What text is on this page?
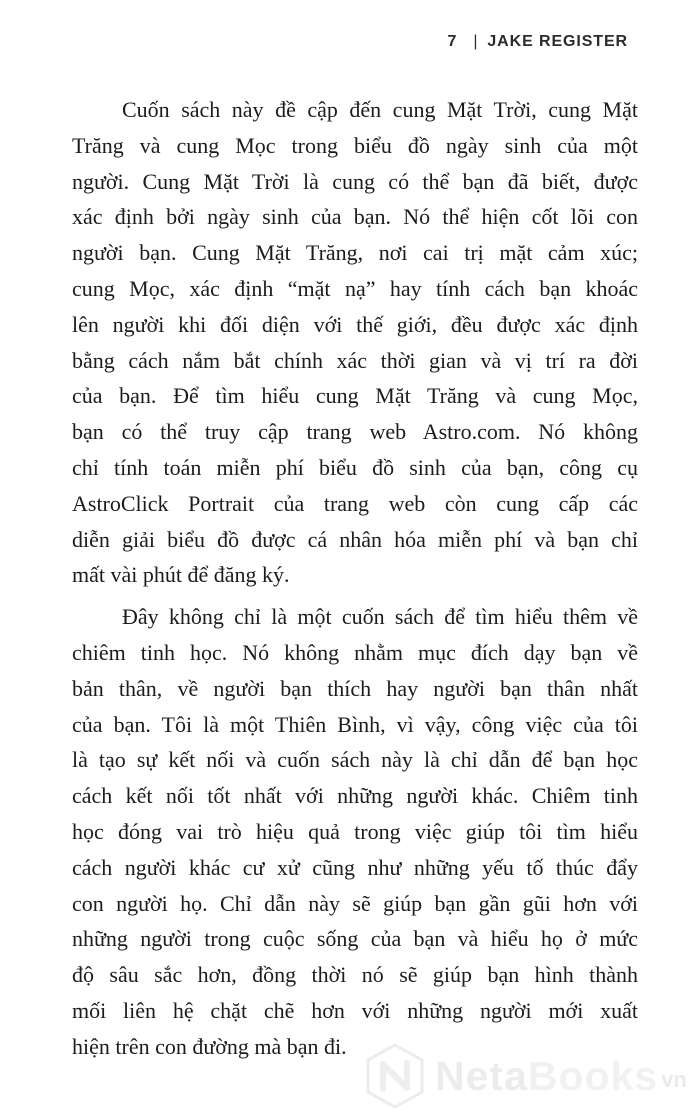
7 | JAKE REGISTER
Cuốn sách này đề cập đến cung Mặt Trời, cung Mặt
Trăng và cung Mọc trong biểu đồ ngày sinh của một
người. Cung Mặt Trời là cung có thể bạn đã biết, được
xác định bởi ngày sinh của bạn. Nó thể hiện cốt lõi con
người bạn. Cung Mặt Trăng, nơi cai trị mặt cảm xúc;
cung Mọc, xác định “mặt nạ” hay tính cách bạn khoác
lên người khi đối diện với thế giới, đều được xác định
bằng cách nắm bắt chính xác thời gian và vị trí ra đời
của bạn. Để tìm hiểu cung Mặt Trăng và cung Mọc,
bạn có thể truy cập trang web Astro.com. Nó không
chỉ tính toán miễn phí biểu đồ sinh của bạn, công cụ
AstroClick Portrait của trang web còn cung cấp các
diễn giải biểu đồ được cá nhân hóa miễn phí và bạn chỉ
mất vài phút để đăng ký.
Đây không chỉ là một cuốn sách để tìm hiểu thêm về
chiêm tinh học. Nó không nhằm mục đích dạy bạn về
bản thân, về người bạn thích hay người bạn thân nhất
của bạn. Tôi là một Thiên Bình, vì vậy, công việc của tôi
là tạo sự kết nối và cuốn sách này là chỉ dẫn để bạn học
cách kết nối tốt nhất với những người khác. Chiêm tinh
học đóng vai trò hiệu quả trong việc giúp tôi tìm hiểu
cách người khác cư xử cũng như những yếu tố thúc đẩy
con người họ. Chỉ dẫn này sẽ giúp bạn gần gũi hơn với
những người trong cuộc sống của bạn và hiểu họ ở mức
độ sâu sắc hơn, đồng thời nó sẽ giúp bạn hình thành
mối liên hệ chặt chẽ hơn với những người mới xuất
hiện trên con đường mà bạn đi.
NetaBooks vn
